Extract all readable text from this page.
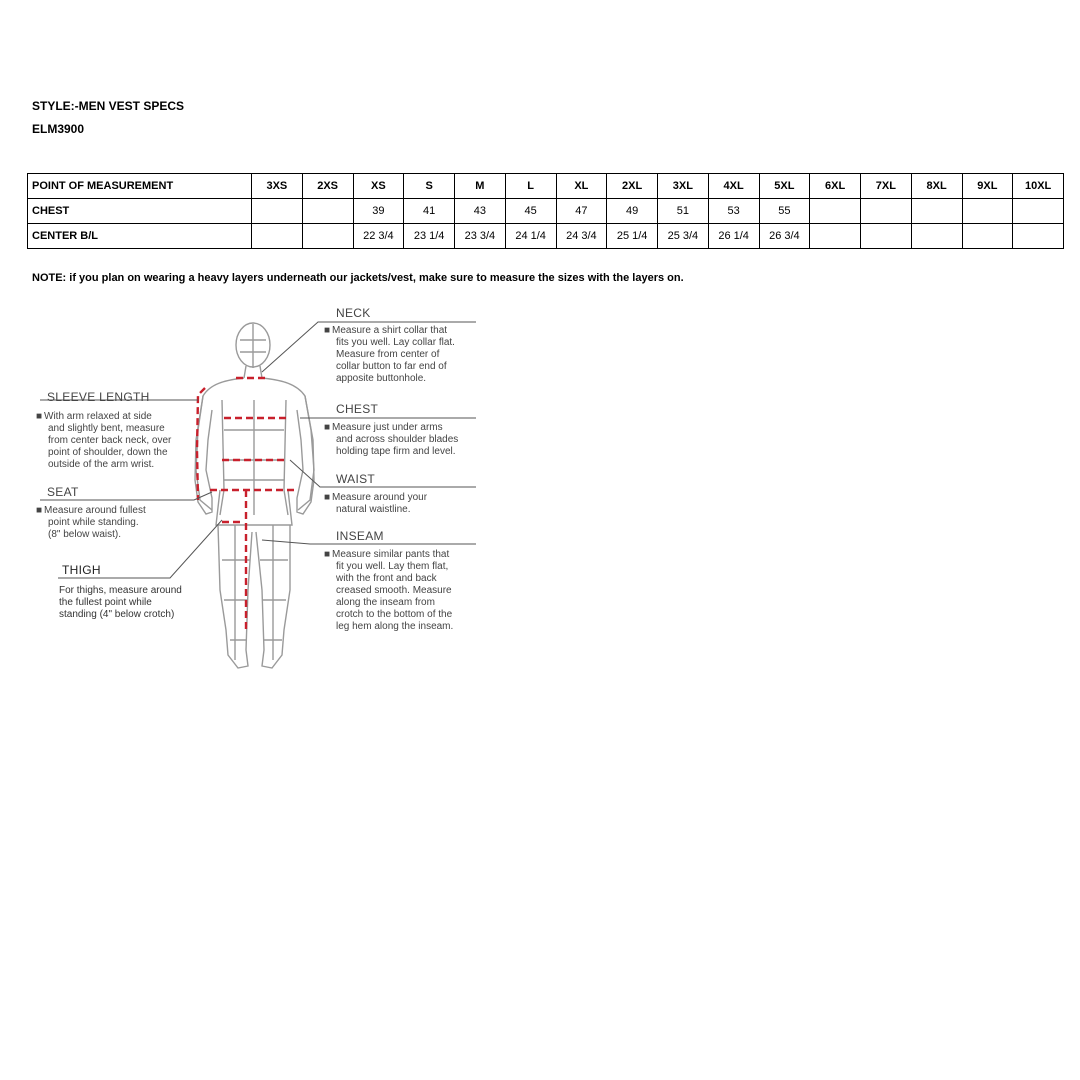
STYLE:-MEN VEST SPECS
ELM3900
POINT OF MEASUREMENT	3XS	2XS	XS	S	M	L	XL	2XL	3XL	4XL	5XL	6XL	7XL	8XL	9XL	10XL
CHEST			39	41	43	45	47	49	51	53	55					
CENTER B/L			22 3/4	23 1/4	23 3/4	24 1/4	24 3/4	25 1/4	25 3/4	26 1/4	26 3/4					
NOTE: if you plan on wearing a heavy layers underneath our jackets/vest, make sure to measure the sizes with the layers on.
NECK
■ Measure a shirt collar that
fits you well. Lay collar flat.
Measure from center of
collar button to far end of
apposite buttonhole.
CHEST
■ Measure just under arms
and across shoulder blades
holding tape firm and level.
WAIST
■ Measure around your
natural waistline.
INSEAM
■ Measure similar pants that
fit you well. Lay them flat,
with the front and back
creased smooth. Measure
along the inseam from
crotch to the bottom of the
leg hem along the inseam.
SLEEVE LENGTH
■ With arm relaxed at side
and slightly bent, measure
from center back neck, over
point of shoulder, down the
outside of the arm wrist.
SEAT
■ Measure around fullest
point while standing.
(8" below waist).
THIGH
For thighs, measure around
the fullest point while
standing (4" below crotch)
